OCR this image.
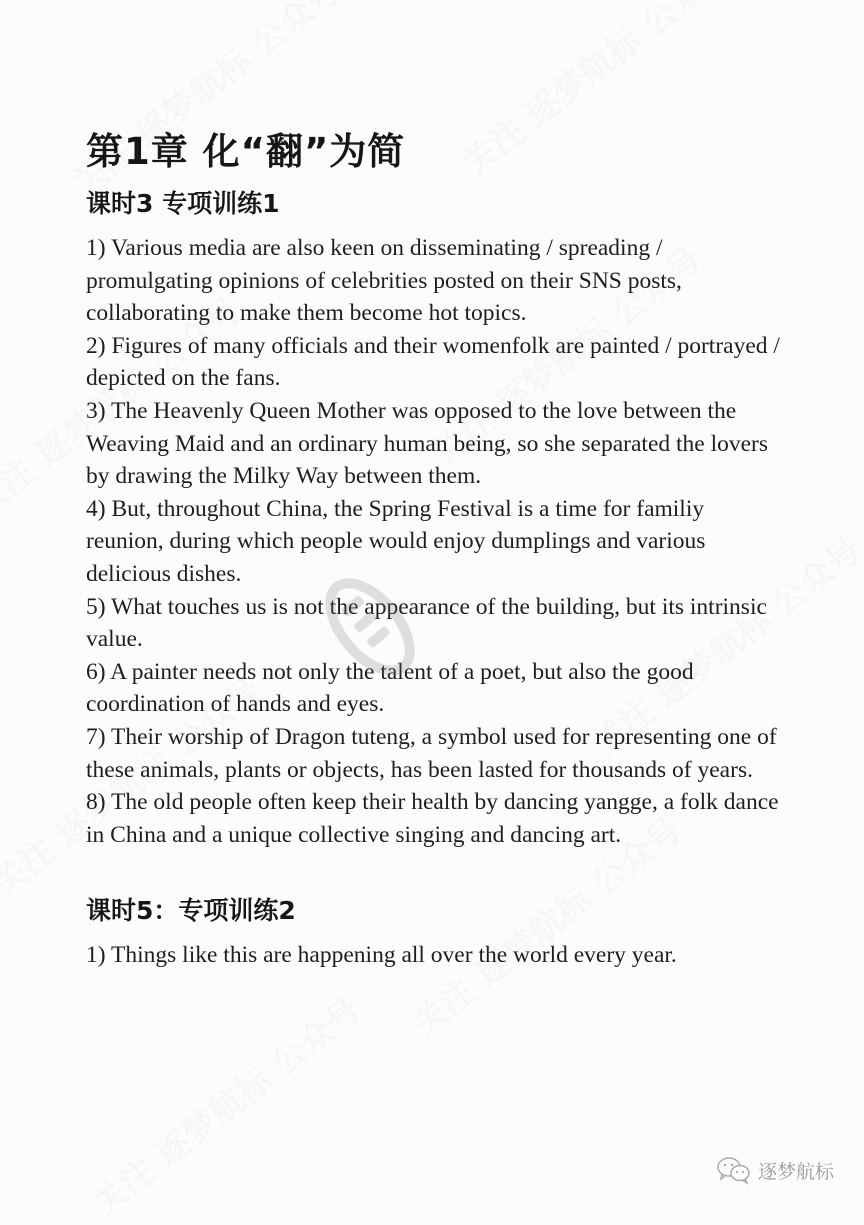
第1章 化“翻”为简
课时3 专项训练1
1) Various media are also keen on disseminating / spreading / promulgating opinions of celebrities posted on their SNS posts, collaborating to make them become hot topics.
2) Figures of many officials and their womenfolk are painted / portrayed / depicted on the fans.
3) The Heavenly Queen Mother was opposed to the love between the Weaving Maid and an ordinary human being, so she separated the lovers by drawing the Milky Way between them.
4) But, throughout China, the Spring Festival is a time for familiy reunion, during which people would enjoy dumplings and various delicious dishes.
5) What touches us is not the appearance of the building, but its intrinsic value.
6) A painter needs not only the talent of a poet, but also the good coordination of hands and eyes.
7) Their worship of Dragon tuteng, a symbol used for representing one of these animals, plants or objects, has been lasted for thousands of years.
8) The old people often keep their health by dancing yangge, a folk dance in China and a unique collective singing and dancing art.
课时5：专项训练2
1) Things like this are happening all over the world every year.
逐梦航标
